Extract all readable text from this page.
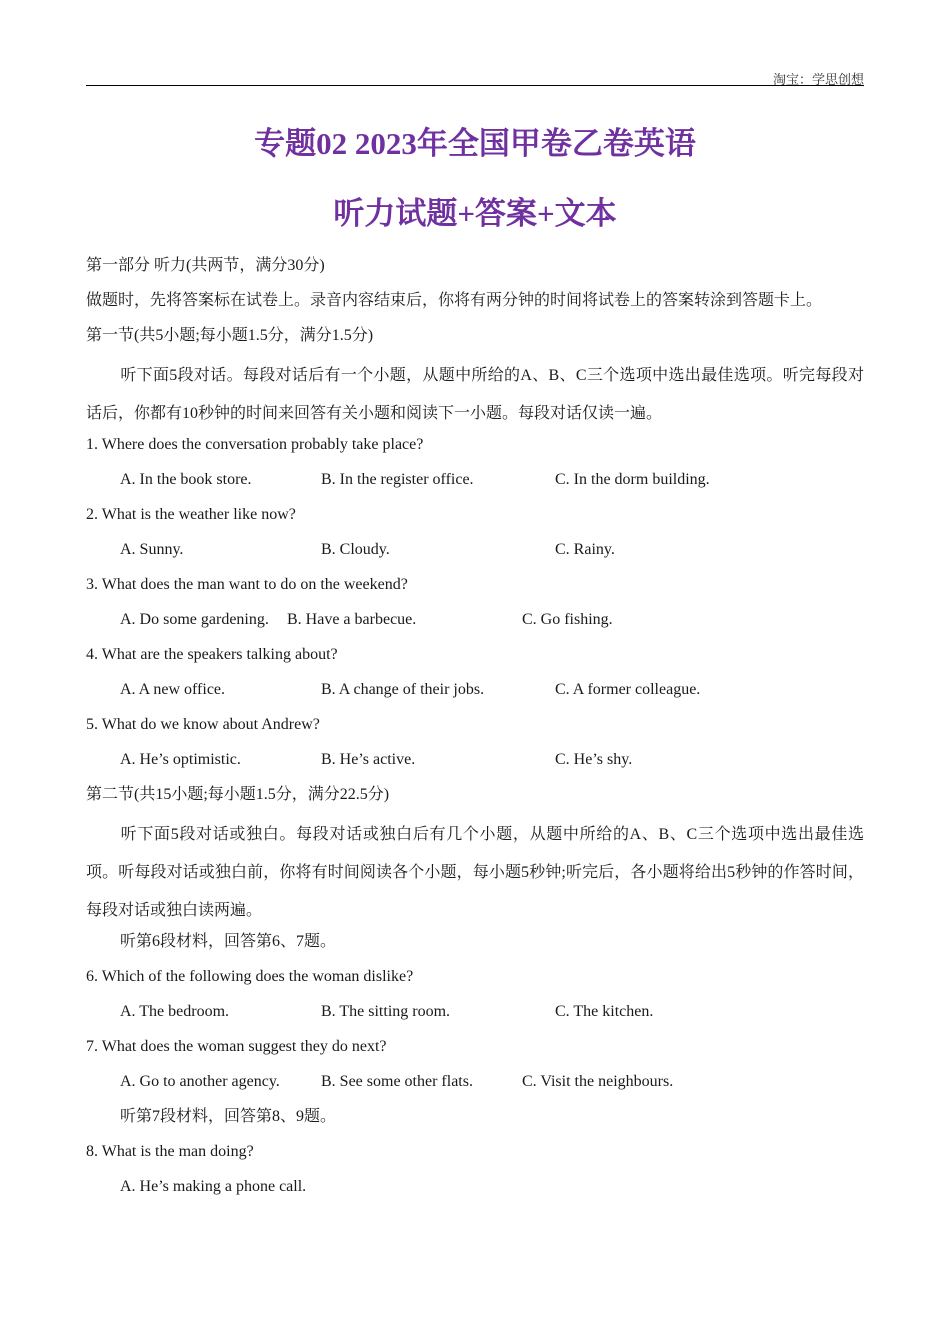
淘宝：学思创想
专题02 2023年全国甲卷乙卷英语
听力试题+答案+文本
第一部分 听力(共两节，满分30分)
做题时，先将答案标在试卷上。录音内容结束后，你将有两分钟的时间将试卷上的答案转涂到答题卡上。
第一节(共5小题;每小题1.5分，满分1.5分)
听下面5段对话。每段对话后有一个小题，从题中所给的A、B、C三个选项中选出最佳选项。听完每段对话后，你都有10秒钟的时间来回答有关小题和阅读下一小题。每段对话仅读一遍。
1. Where does the conversation probably take place?
A. In the book store.	B. In the register office.	C. In the dorm building.
2. What is the weather like now?
A. Sunny.	B. Cloudy.	C. Rainy.
3. What does the man want to do on the weekend?
A. Do some gardening. B. Have a barbecue.	C. Go fishing.
4. What are the speakers talking about?
A. A new office.	B. A change of their jobs.	C. A former colleague.
5. What do we know about Andrew?
A. He’s optimistic.	B. He’s active.	C. He’s shy.
第二节(共15小题;每小题1.5分，满分22.5分)
听下面5段对话或独白。每段对话或独白后有几个小题，从题中所给的A、B、C三个选项中选出最佳选项。听每段对话或独白前，你将有时间阅读各个小题，每小题5秒钟;听完后，各小题将给出5秒钟的作答时间，每段对话或独白读两遍。
听第6段材料，回答第6、7题。
6. Which of the following does the woman dislike?
A. The bedroom.	B. The sitting room.	C. The kitchen.
7. What does the woman suggest they do next?
A. Go to another agency.	B. See some other flats.	C. Visit the neighbours.
听第7段材料，回答第8、9题。
8. What is the man doing?
A. He’s making a phone call.
